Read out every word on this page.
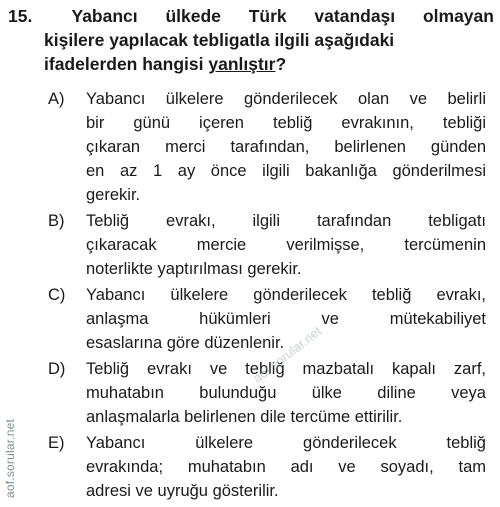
15. Yabancı ülkede Türk vatandaşı olmayan
kişilere yapılacak tebligatla ilgili aşağıdaki
ifadelerden hangisi yanlıştır?
A)	Yabancı ülkelere gönderilecek olan ve belirli
bir günü içeren tebliğ evrakının, tebliği
çıkaran merci tarafından, belirlenen günden
en az 1 ay önce ilgili bakanlığa gönderilmesi
gerekir.
B)	Tebliğ evrakı, ilgili tarafından tebligatı
çıkaracak mercie verilmişse, tercümenin
noterlikte yaptırılması gerekir.
C)	Yabancı ülkelere gönderilecek tebliğ evrakı,
anlaşma hükümleri ve mütekabiliyet
esaslarına göre düzenlenir.
D)	Tebliğ evrakı ve tebliğ mazbatalı kapalı zarf,
muhatabın bulunduğu ülke diline veya
anlaşmalarla belirlenen dile tercüme ettirilir.
E)	Yabancı ülkelere gönderilecek tebliğ
evrakında; muhatabın adı ve soyadı, tam
adresi ve uyruğu gösterilir.
aof.sorular.net
aof.sorular.net
